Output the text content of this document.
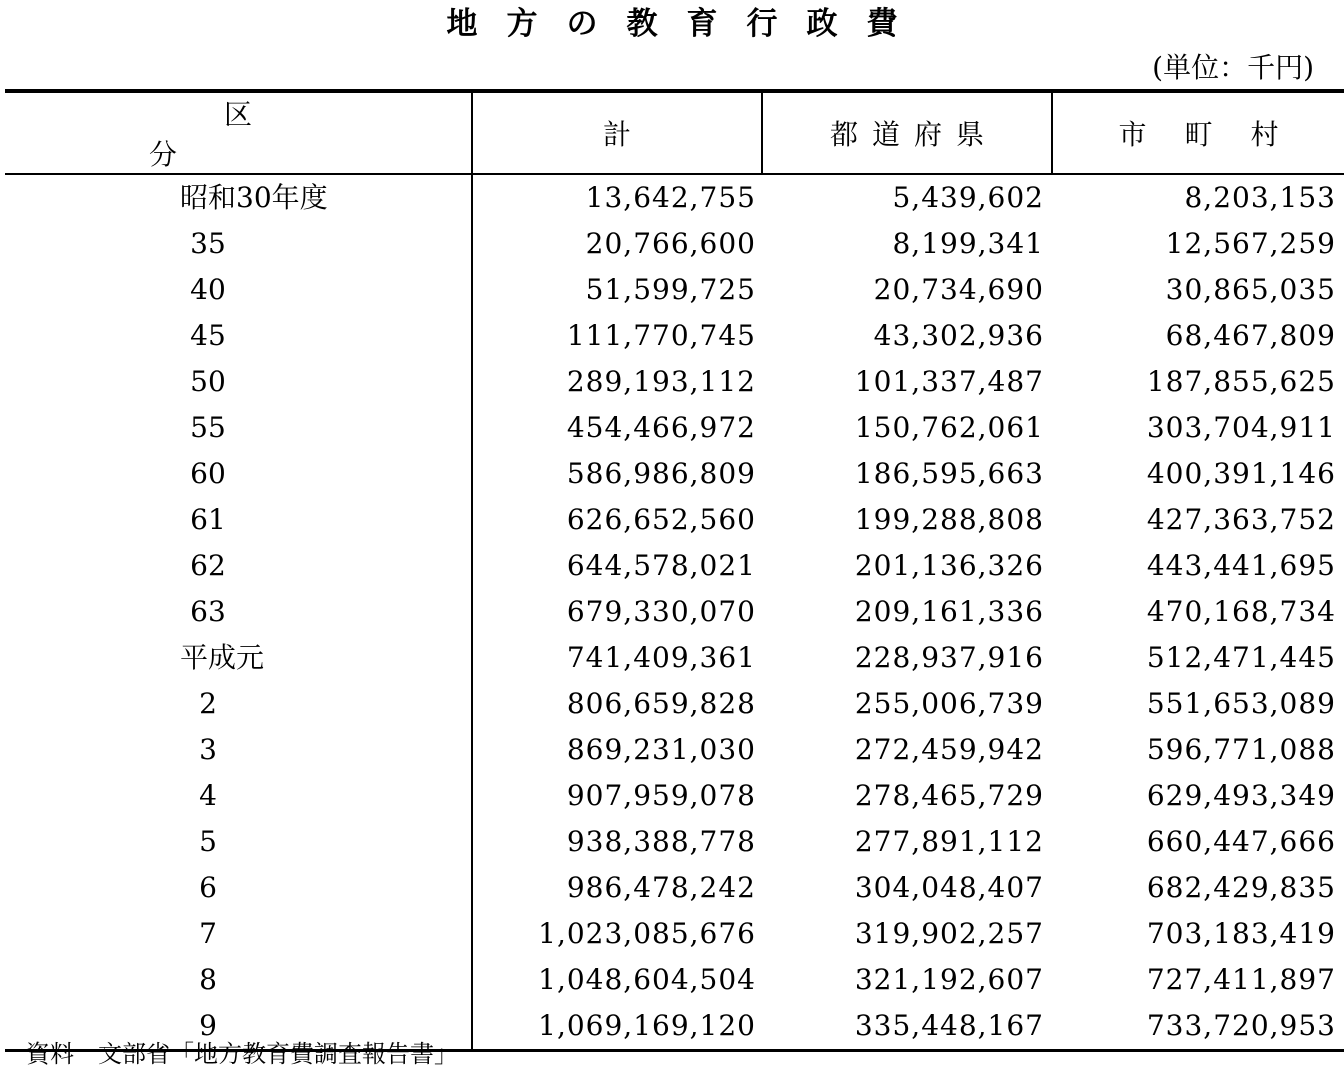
地方の教育行政費
(単位：千円)
区分	計	都道府県	市町村
昭和30年度	13,642,755	5,439,602	8,203,153
35	20,766,600	8,199,341	12,567,259
40	51,599,725	20,734,690	30,865,035
45	111,770,745	43,302,936	68,467,809
50	289,193,112	101,337,487	187,855,625
55	454,466,972	150,762,061	303,704,911
60	586,986,809	186,595,663	400,391,146
61	626,652,560	199,288,808	427,363,752
62	644,578,021	201,136,326	443,441,695
63	679,330,070	209,161,336	470,168,734
平成元	741,409,361	228,937,916	512,471,445
2	806,659,828	255,006,739	551,653,089
3	869,231,030	272,459,942	596,771,088
4	907,959,078	278,465,729	629,493,349
5	938,388,778	277,891,112	660,447,666
6	986,478,242	304,048,407	682,429,835
7	1,023,085,676	319,902,257	703,183,419
8	1,048,604,504	321,192,607	727,411,897
9	1,069,169,120	335,448,167	733,720,953
資料　文部省「地方教育費調査報告書」
